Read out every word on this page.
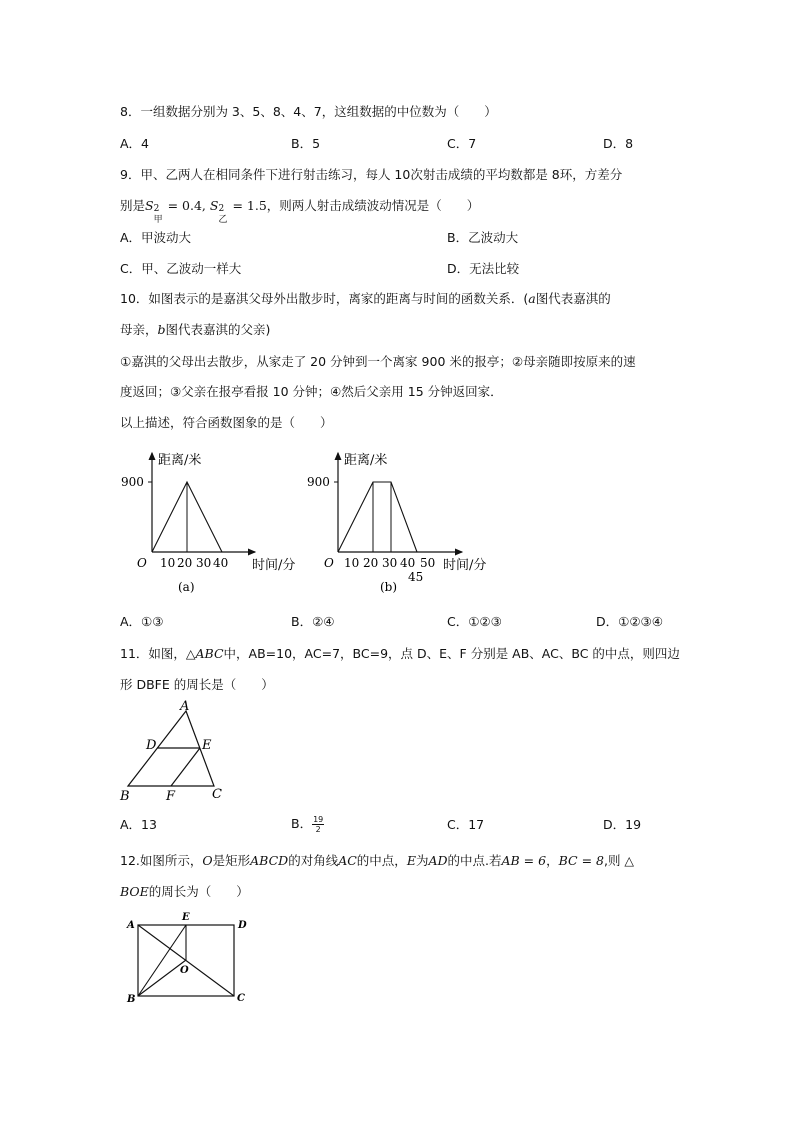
8．一组数据分别为 3、5、8、4、7，这组数据的中位数为（　　）
A．4	B．5	C．7	D．8
9．甲、乙两人在相同条件下进行射击练习，每人 10次射击成绩的平均数都是 8环，方差分
别是S 2
甲
= 0.4, S 2
乙
= 1.5，则两人射击成绩波动情况是（　　）
A．甲波动大	B．乙波动大
C．甲、乙波动一样大	D．无法比较
10．如图表示的是嘉淇父母外出散步时，离家的距离与时间的函数关系．(a图代表嘉淇的
母亲，b图代表嘉淇的父亲)
①嘉淇的父母出去散步，从家走了 20 分钟到一个离家 900 米的报亭；②母亲随即按原来的速
度返回；③父亲在报亭看报 10 分钟；④然后父亲用 15 分钟返回家．
以上描述，符合函数图象的是（　　）
距离/米
900
O 10 20 30 40 时间/分
(a)
距离/米
900
O 10 20 30 40 50
45
时间/分
(b)
A．①③	B．②④	C．①②③	D．①②③④
11．如图，△ABC中，AB=10，AC=7，BC=9，点 D、E、F 分别是 AB、AC、BC 的中点，则四边
形 DBFE 的周长是（　　）
A
D	E
B	F	C
A．13	B． $\frac{19}{2}$	C．17	D．19
12.如图所示，O是矩形ABCD的对角线AC的中点，E为AD的中点.若AB = 6，BC = 8,则 △
BOE的周长为（　　）
A
E
D
O
B	C
